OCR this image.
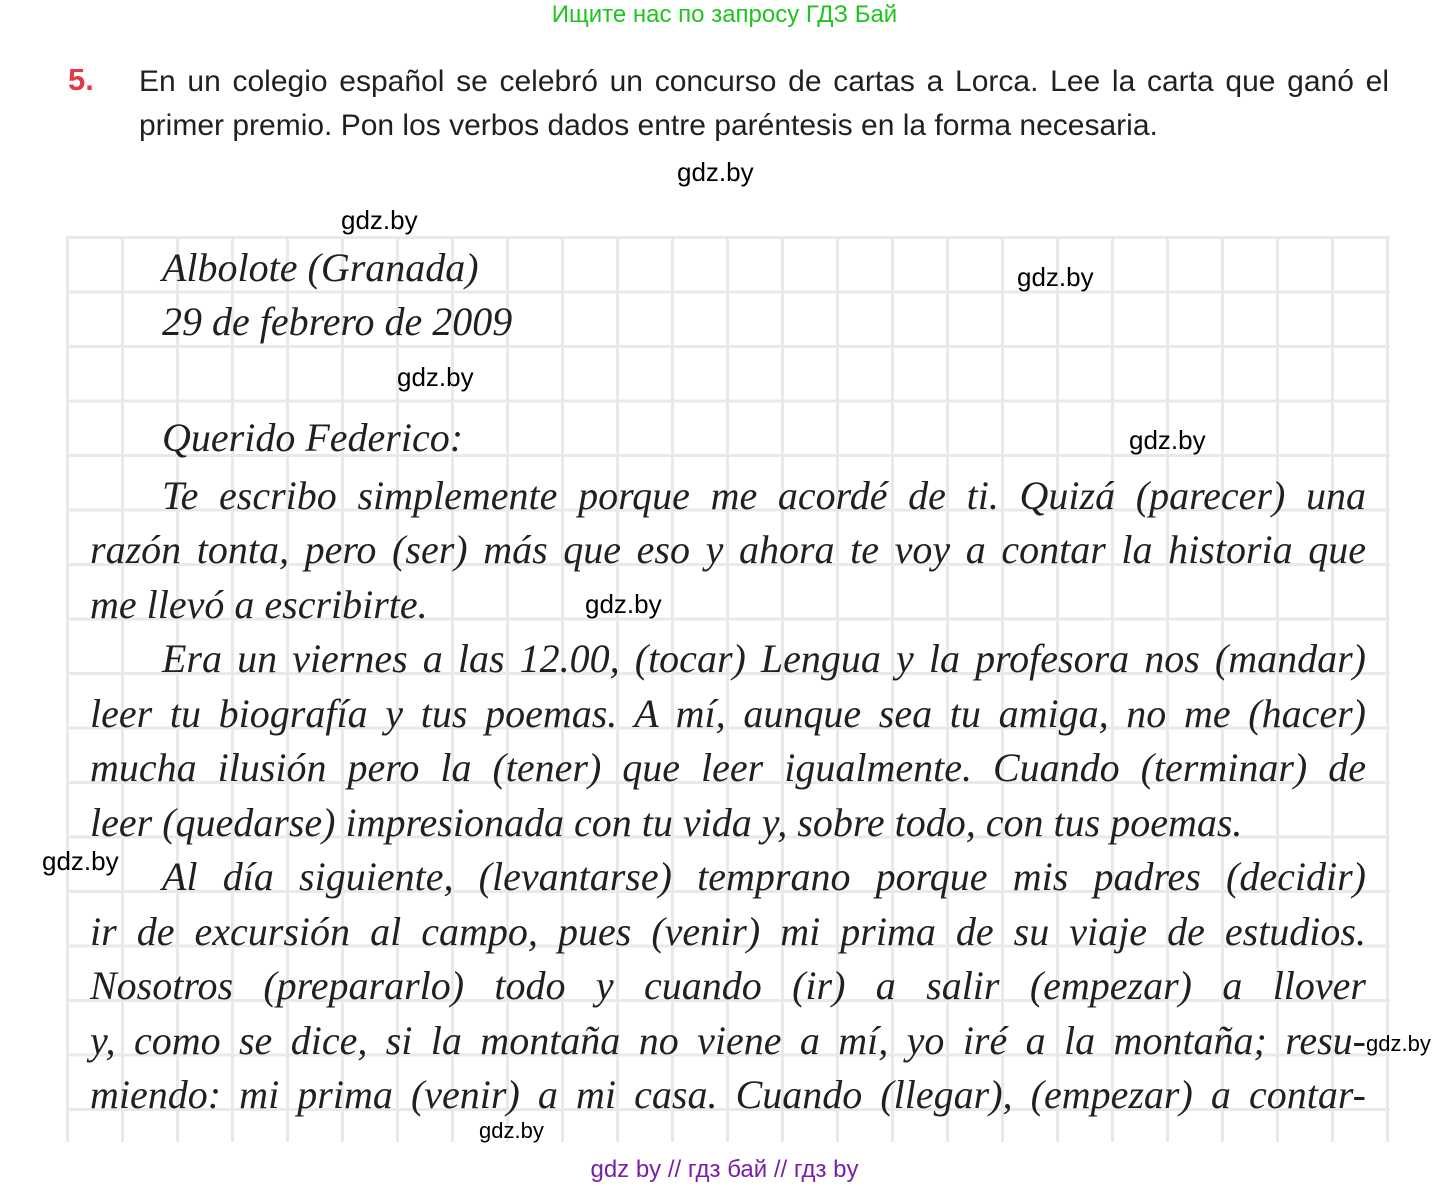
Ищите нас по запросу ГДЗ Бай
5. En un colegio español se celebró un concurso de cartas a Lorca. Lee la carta que ganó el primer premio. Pon los verbos dados entre paréntesis en la forma necesaria.
Albolote (Granada)
29 de febrero de 2009
Querido Federico:
Te escribo simplemente porque me acordé de ti. Quizá (parecer) una
razón tonta, pero (ser) más que eso y ahora te voy a contar la historia que
me llevó a escribirte.
Era un viernes a las 12.00, (tocar) Lengua y la profesora nos (mandar)
leer tu biografía y tus poemas. A mí, aunque sea tu amiga, no me (hacer)
mucha ilusión pero la (tener) que leer igualmente. Cuando (terminar) de
leer (quedarse) impresionada con tu vida y, sobre todo, con tus poemas.
Al día siguiente, (levantarse) temprano porque mis padres (decidir)
ir de excursión al campo, pues (venir) mi prima de su viaje de estudios.
Nosotros (prepararlo) todo y cuando (ir) a salir (empezar) a llover
y, como se dice, si la montaña no viene a mí, yo iré a la montaña; resu-
miendo: mi prima (venir) a mi casa. Cuando (llegar), (empezar) a contar-
gdz.by
gdz.by
gdz.by
gdz.by
gdz.by
gdz.by
gdz.by
gdz.by
gdz.by
gdz by // гдз бай // гдз by
